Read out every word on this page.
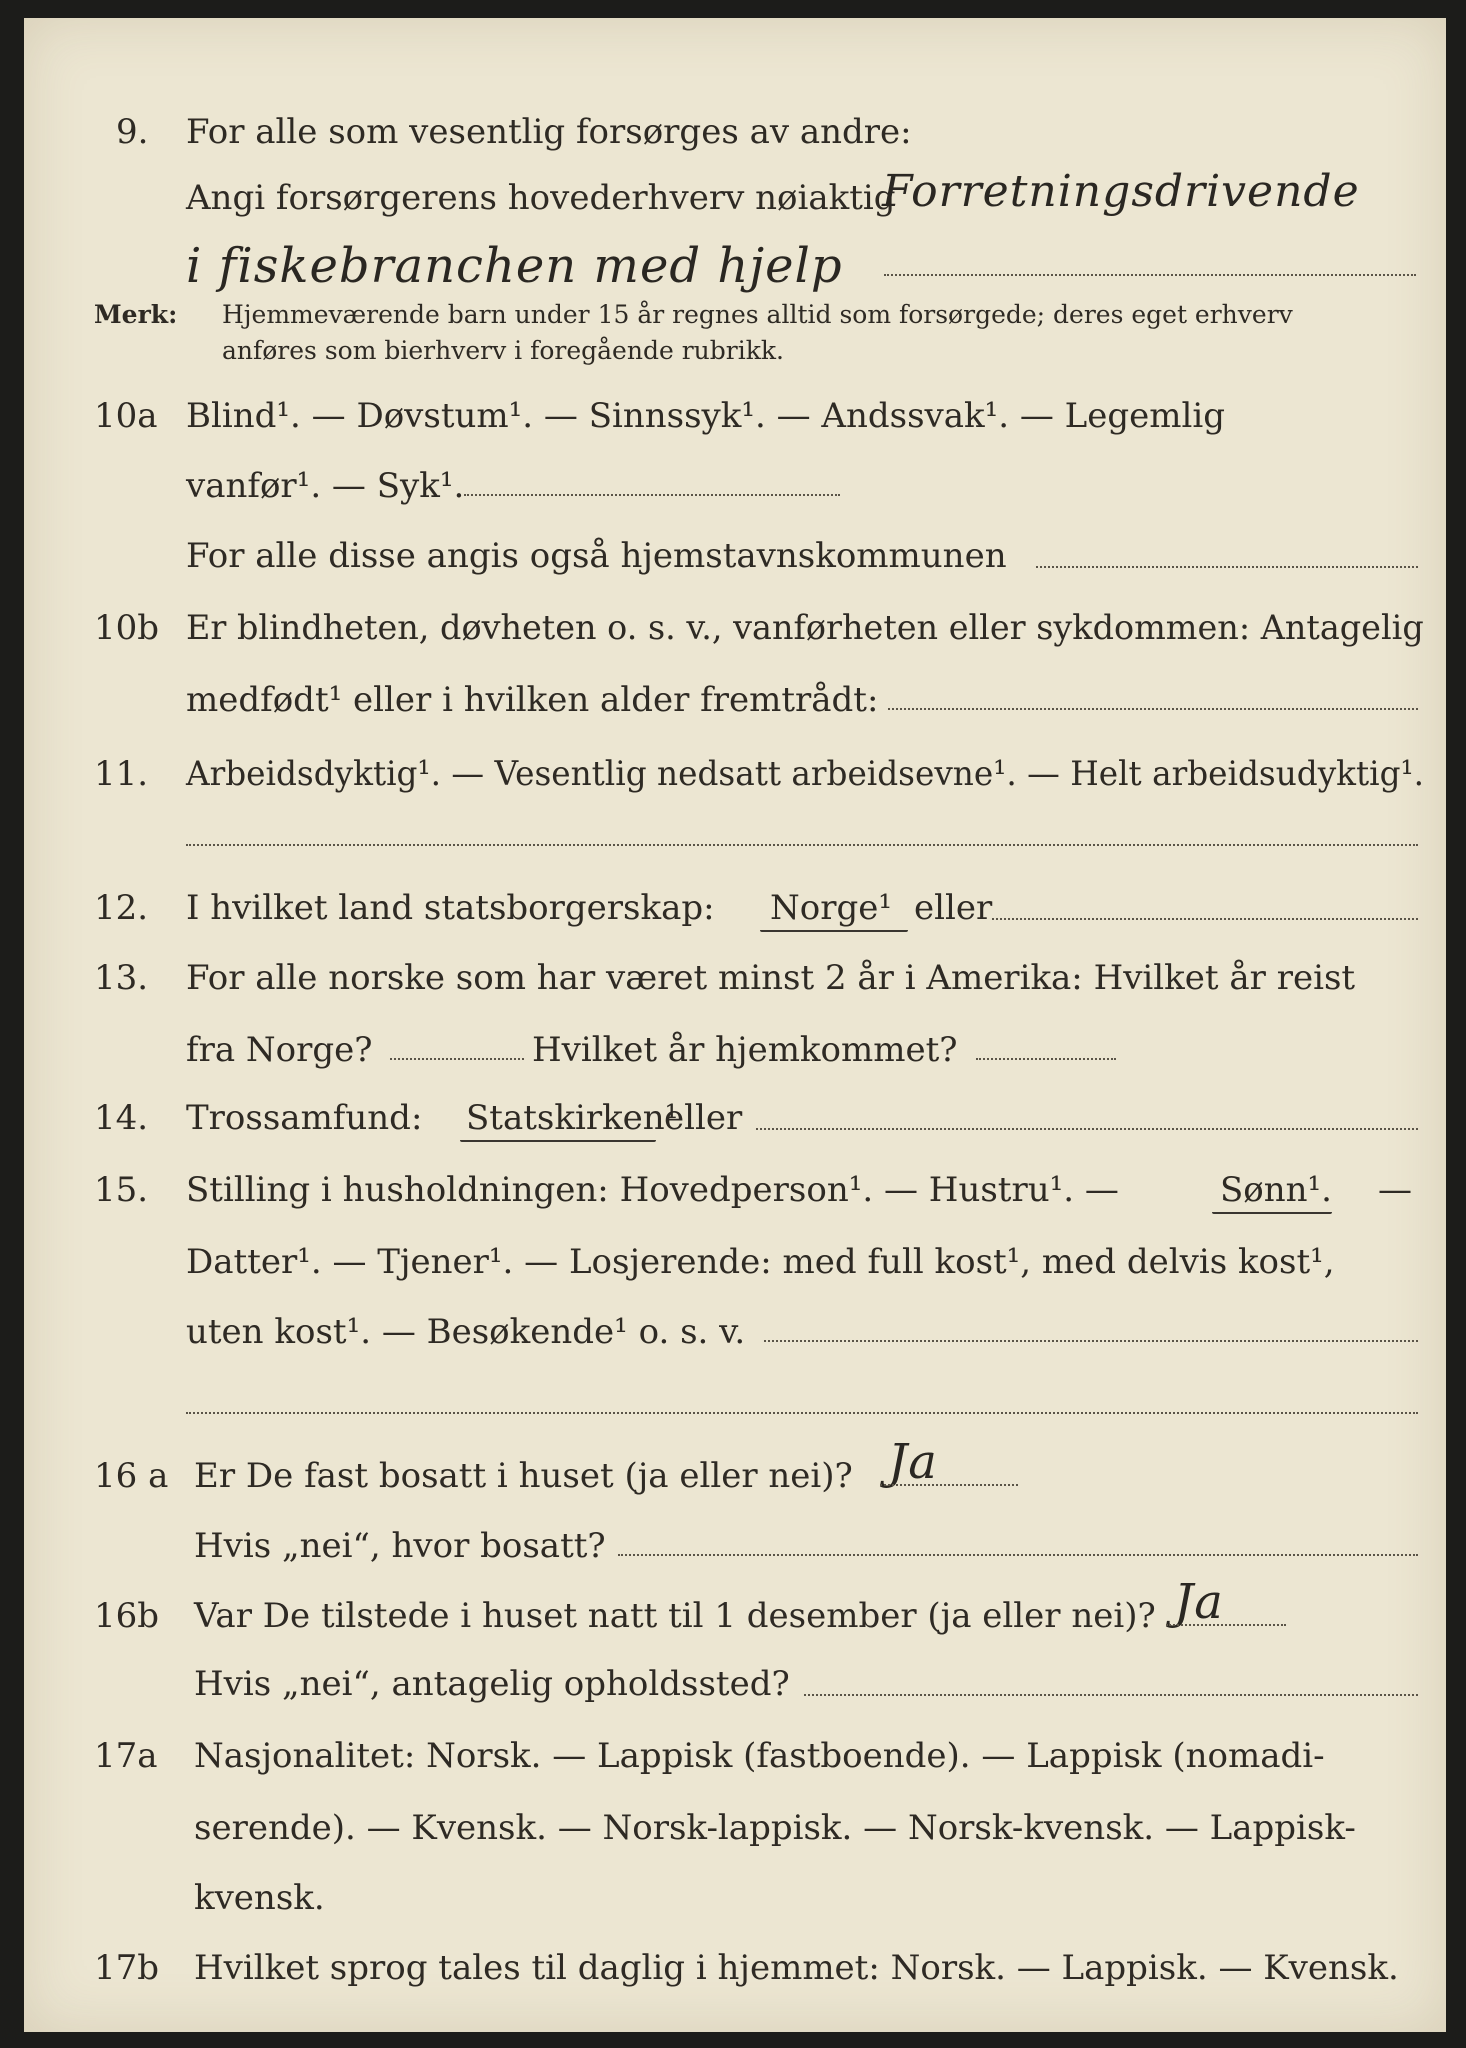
9. For alle som vesentlig forsørges av andre:
Angi forsørgerens hovederhverv nøiaktig
Forretningsdrivende
i fiskebranchen med hjelp
Merk: Hjemmeværende barn under 15 år regnes alltid som forsørgede; deres eget erhverv
anføres som bierhverv i foregående rubrikk.
10a Blind¹. — Døvstum¹. — Sinnssyk¹. — Andssvak¹. — Legemlig
vanfør¹. — Syk¹.
For alle disse angis også hjemstavnskommunen
10b Er blindheten, døvheten o. s. v., vanførheten eller sykdommen: Antagelig
medfødt¹ eller i hvilken alder fremtrådt:
11. Arbeidsdyktig¹. — Vesentlig nedsatt arbeidsevne¹. — Helt arbeidsudyktig¹.
12. I hvilket land statsborgerskap: Norge¹ eller
13. For alle norske som har været minst 2 år i Amerika: Hvilket år reist
fra Norge?	Hvilket år hjemkommet?
14. Trossamfund: Statskirken¹
eller
15. Stilling i husholdningen: Hovedperson¹. — Hustru¹. —	Sønn¹. —
Datter¹. — Tjener¹. — Losjerende: med full kost¹, med delvis kost¹,
uten kost¹. — Besøkende¹ o. s. v.
16 a Er De fast bosatt i huset (ja eller nei)? Ja
Hvis „nei“, hvor bosatt?
16b Var De tilstede i huset natt til 1 desember (ja eller nei)? Ja
Hvis „nei“, antagelig opholdssted?
17a Nasjonalitet: Norsk. — Lappisk (fastboende). — Lappisk (nomadi-
serende). — Kvensk. — Norsk-lappisk. — Norsk-kvensk. — Lappisk-
kvensk.
17b Hvilket sprog tales til daglig i hjemmet: Norsk. — Lappisk. — Kvensk.
